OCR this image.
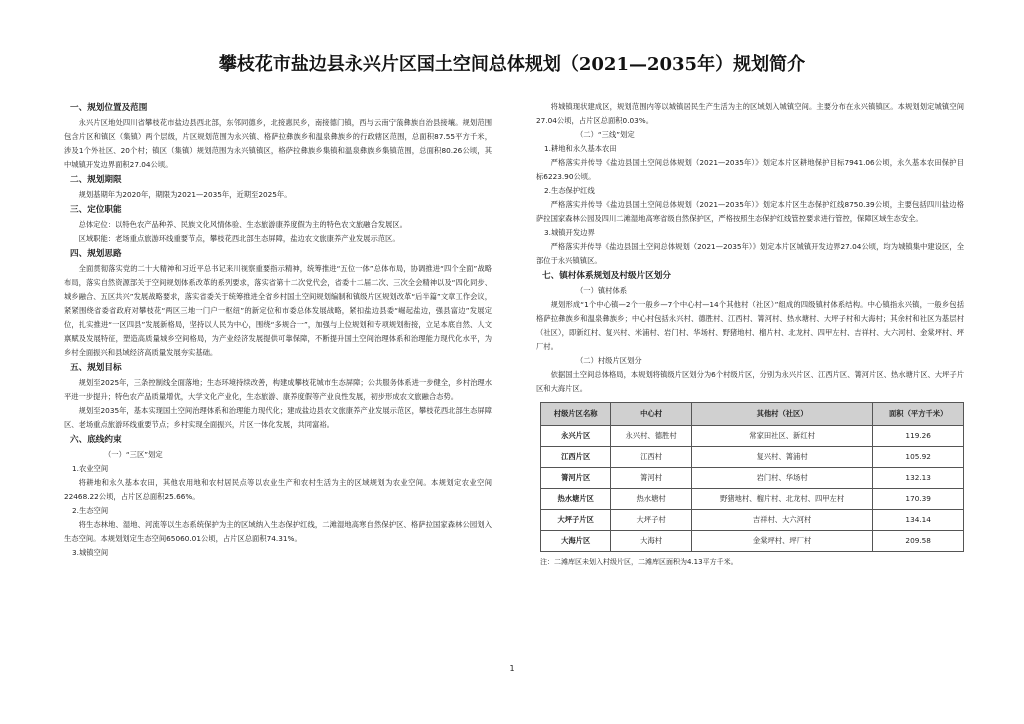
攀枝花市盐边县永兴片区国土空间总体规划（2021—2035年）规划简介
一、规划位置及范围

永兴片区地处四川省攀枝花市盐边县西北部，东邻同德乡，北接惠民乡，南接德门镇，西与云南宁蒗彝族自治县接壤。规划范围包含片区和镇区（集镇）两个层级，片区规划范围为永兴镇、格萨拉彝族乡和温泉彝族乡的行政辖区范围，总面积87.55平方千米，涉及1个外社区、20个村；镇区（集镇）规划范围为永兴镇镇区，格萨拉彝族乡集镇和温泉彝族乡集镇范围，总面积80.26公顷，其中城镇开发边界面积27.04公顷。

二、规划期限

规划基期年为2020年，期限为2021—2035年，近期至2025年。

三、定位职能

总体定位：以特色农产品种养、民族文化风情体验、生态旅游康养度假为主的特色农文旅融合发展区。

区域职能：老场重点旅游环线重要节点，攀枝花西北部生态屏障，盐边农文旅康养产业发展示范区。

四、规划思路

全面贯彻落实党的二十大精神和习近平总书记来川视察重要指示精神，统筹推进“五位一体”总体布局，协调推进“四个全面”战略布局，落实自然资源部关于空间规划体系改革的系列要求，落实省第十二次党代会，省委十二届二次、三次全会精神以及“四化同步、城乡融合、五区共兴”发展战略要求，落实省委关于统筹推进全省乡村国土空间规划编制和镇级片区规划改革“后半篇”文章工作会议，紧紧围绕省委省政府对攀枝花“两区三地一门户一枢纽”的新定位和市委总体发展战略，紧扣盐边县委“崛起盐边，强县富边”发展定位，扎实推进“一区四县”发展新格局，坚持以人民为中心，围绕“多规合一”，加强与上位规划和专项规划衔接，立足本底自然、人文禀赋及发展特征，塑造高质量城乡空间格局，为产业经济发展提供可靠保障，不断提升国土空间治理体系和治理能力现代化水平，为乡村全面振兴和县域经济高质量发展夯实基础。

五、规划目标

规划至2025年，三条控制线全面落地；生态环境持续改善，构建成攀枝花城市生态屏障；公共服务体系进一步健全，乡村治理水平进一步提升；特色农产品质量增优，大学文化产业化，生态旅游、康养度假等产业良性发展，初步形成农文旅融合态势。

规划至2035年，基本实现国土空间治理体系和治理能力现代化；建成盐边县农文旅康养产业发展示范区，攀枝花西北部生态屏障区、老场重点旅游环线重要节点；乡村实现全面振兴，片区一体化发展，共同富裕。

六、底线约束
（一）“三区”划定
1.农业空间

将耕地和永久基本农田，其他农用地和农村居民点等以农业生产和农村生活为主的区域规划为农业空间。本规划定农业空间22468.22公顷，占片区总面积25.66%。

2.生态空间

将生态林地、湿地、河流等以生态系统保护为主的区域纳入生态保护红线，二滩湿地高寒自然保护区、格萨拉国家森林公园划入生态空间。本规划划定生态空间65060.01公顷，占片区总面积74.31%。

3.城镇空间

将城镇现状建成区，规划范围内等以城镇居民生产生活为主的区域划入城镇空间。主要分布在永兴镇镇区。本规划划定城镇空间27.04公顷，占片区总面积0.03%。

（二）“三线”划定
1.耕地和永久基本农田

严格落实并传导《盐边县国土空间总体规划（2021—2035年）》划定本片区耕地保护目标7941.06公顷，永久基本农田保护目标6223.90公顷。

2.生态保护红线

严格落实并传导《盐边县国土空间总体规划（2021—2035年）》划定本片区生态保护红线8750.39公顷，主要包括四川盐边格萨拉国家森林公园及四川二滩湿地高寒省级自然保护区，严格按照生态保护红线管控要求进行管控，保障区域生态安全。

3.城镇开发边界

严格落实并传导《盐边县国土空间总体规划（2021—2035年）》划定本片区城镇开发边界27.04公顷，均为城镇集中建设区，全部位于永兴镇镇区。

七、镇村体系规划及村级片区划分
（一）镇村体系

规划形成“1个中心镇—2个一般乡—7个中心村—14个其他村（社区）”组成的四级镇村体系结构。中心镇指永兴镇，一般乡包括格萨拉彝族乡和温泉彝族乡；中心村包括永兴村、德胜村、江西村、箐河村、热水塘村、大坪子村和大海村；其余村和社区为基层村（社区），即新红村、复兴村、米浦村、岩门村、华场村、野猪地村、榴片村、北龙村、四甲左村、吉祥村、大六河村、金棠坪村、坪厂村。

（二）村级片区划分

依据国土空间总体格局，本规划将镇级片区划分为6个村级片区，分别为永兴片区、江西片区、箐河片区、热水塘片区、大坪子片区和大海片区。

村级片区名称	中心村	其他村（社区）	面积（平方千米）
永兴片区	永兴村、德胜村	常家田社区、新红村	119.26
江西片区	江西村	复兴村、箐浦村	105.92
箐河片区	箐河村	岩门村、华场村	132.13
热水塘片区	热水塘村	野猪地村、榴片村、北龙村、四甲左村	170.39
大坪子片区	大坪子村	吉祥村、大六河村	134.14
大海片区	大海村	金棠坪村、坪厂村	209.58
注：二滩库区未划入村级片区，二滩库区面积为4.13平方千米。
1
